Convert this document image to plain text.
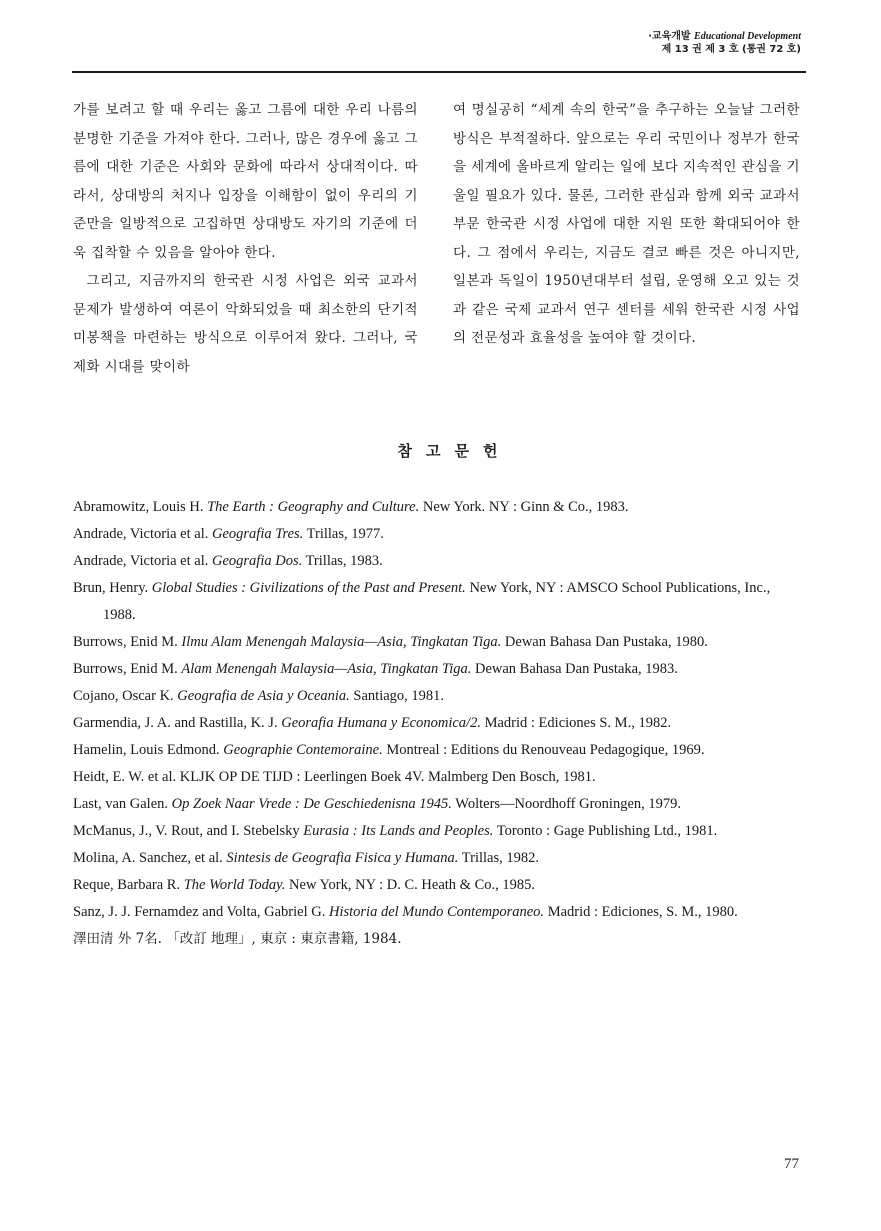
·교육개발 Educational Development
제 13 권 제 3 호 (통권 72 호)

가를 보려고 할 때 우리는 옳고 그름에 대한 우리 나름의 분명한 기준을 가져야 한다. 그러나, 많은 경우에 옳고 그름에 대한 기준은 사회와 문화에 따라서 상대적이다. 따라서, 상대방의 처지나 입장을 이해함이 없이 우리의 기준만을 일방적으로 고집하면 상대방도 자기의 기준에 더욱 집착할 수 있음을 알아야 한다.

그리고, 지금까지의 한국관 시정 사업은 외국 교과서 문제가 발생하여 여론이 악화되었을 때 최소한의 단기적 미봉책을 마련하는 방식으로 이루어져 왔다. 그러나, 국제화 시대를 맞이하

여 명실공히 “세계 속의 한국”을 추구하는 오늘날 그러한 방식은 부적절하다. 앞으로는 우리 국민이나 정부가 한국을 세계에 올바르게 알리는 일에 보다 지속적인 관심을 기울일 필요가 있다. 물론, 그러한 관심과 함께 외국 교과서 부문 한국관 시정 사업에 대한 지원 또한 확대되어야 한다. 그 점에서 우리는, 지금도 결코 빠른 것은 아니지만, 일본과 독일이 1950년대부터 설립, 운영해 오고 있는 것과 같은 국제 교과서 연구 센터를 세워 한국관 시정 사업의 전문성과 효율성을 높여야 할 것이다.

참고문헌
Abramowitz, Louis H. The Earth : Geography and Culture. New York. NY : Ginn & Co., 1983.
Andrade, Victoria et al. Geografia Tres. Trillas, 1977.
Andrade, Victoria et al. Geografia Dos. Trillas, 1983.
Brun, Henry. Global Studies : Givilizations of the Past and Present. New York, NY : AMSCO School Publications, Inc., 1988.
Burrows, Enid M. Ilmu Alam Menengah Malaysia—Asia, Tingkatan Tiga. Dewan Bahasa Dan Pustaka, 1980.
Burrows, Enid M. Alam Menengah Malaysia—Asia, Tingkatan Tiga. Dewan Bahasa Dan Pustaka, 1983.
Cojano, Oscar K. Geografia de Asia y Oceania. Santiago, 1981.
Garmendia, J. A. and Rastilla, K. J. Georafia Humana y Economica/2. Madrid : Ediciones S. M., 1982.
Hamelin, Louis Edmond. Geographie Contemoraine. Montreal : Editions du Renouveau Pedagogique, 1969.
Heidt, E. W. et al. KLJK OP DE TIJD : Leerlingen Boek 4V. Malmberg Den Bosch, 1981.
Last, van Galen. Op Zoek Naar Vrede : De Geschiedenisna 1945. Wolters—Noordhoff Groningen, 1979.
McManus, J., V. Rout, and I. Stebelsky Eurasia : Its Lands and Peoples. Toronto : Gage Publishing Ltd., 1981.
Molina, A. Sanchez, et al. Sintesis de Geografia Fisica y Humana. Trillas, 1982.
Reque, Barbara R. The World Today. New York, NY : D. C. Heath & Co., 1985.
Sanz, J. J. Fernamdez and Volta, Gabriel G. Historia del Mundo Contemporaneo. Madrid : Ediciones, S. M., 1980.
澤田清 外 7名. 「改訂 地理」, 東京 : 東京書籍, 1984.
77
